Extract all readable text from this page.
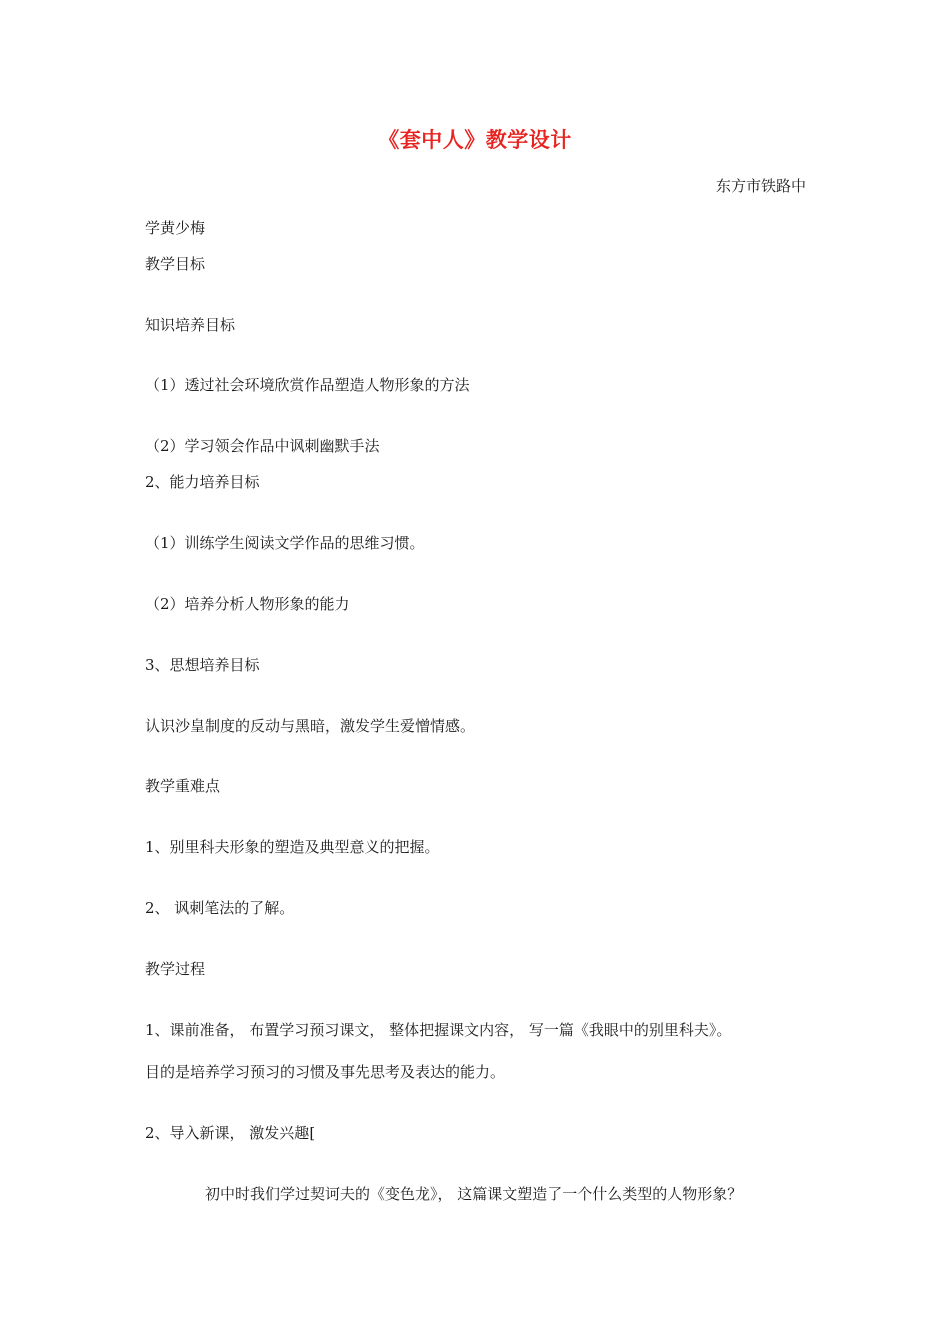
《套中人》教学设计
东方市铁路中
学黄少梅
教学目标
知识培养目标
（1）透过社会环境欣赏作品塑造人物形象的方法
（2）学习领会作品中讽刺幽默手法
2、能力培养目标
（1）训练学生阅读文学作品的思维习惯。
（2）培养分析人物形象的能力
3、思想培养目标
认识沙皇制度的反动与黑暗，激发学生爱憎情感。
教学重难点
1、别里科夫形象的塑造及典型意义的把握。
2、 讽刺笔法的了解。
教学过程
1、课前准备， 布置学习预习课文， 整体把握课文内容， 写一篇《我眼中的别里科夫》。
目的是培养学习预习的习惯及事先思考及表达的能力。
2、导入新课， 激发兴趣[
初中时我们学过契诃夫的《变色龙》， 这篇课文塑造了一个什么类型的人物形象？
